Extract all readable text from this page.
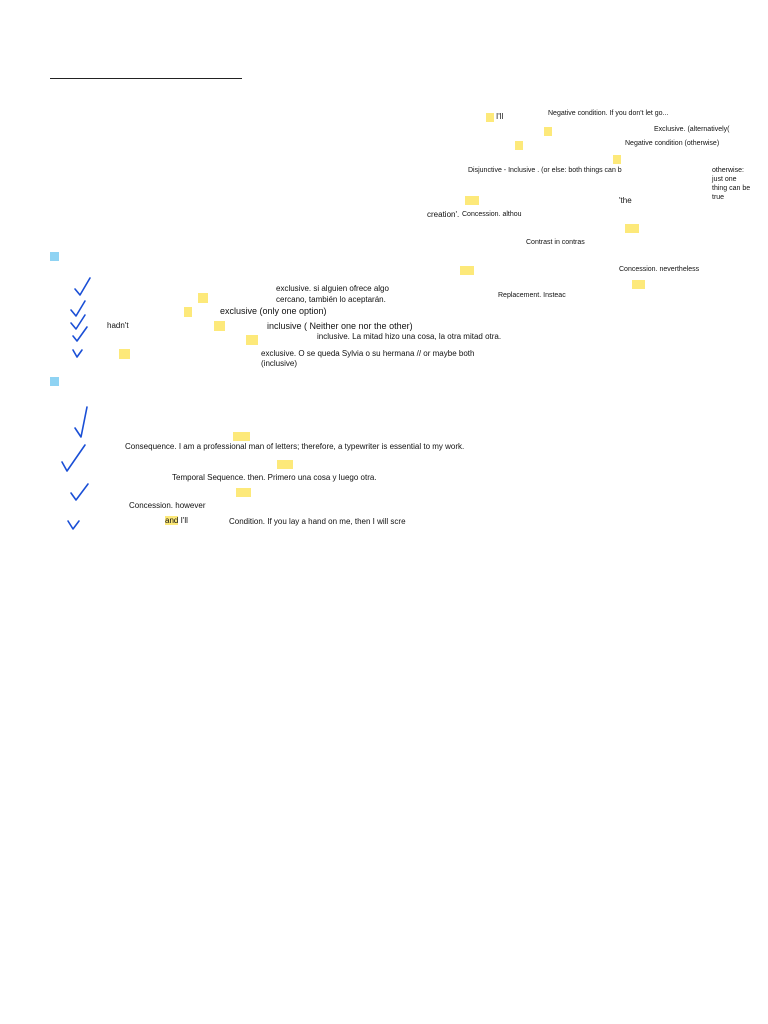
I'll	Negative condition. If you don't let go...
Exclusive. (alternatively(
Negative condition (otherwise)
Disjunctive - Inclusive . (or else: both things can b	otherwise:
just one
thing can be
true
'the
creation'. Concession. althou
Contrast in contras
Concession. nevertheless
exclusive. si alguien ofrece algo
cercano, también lo aceptarán.	Replacement. Insteac
exclusive (only one option)
hadn't	inclusive ( Neither one nor the other)
inclusive. La mitad hizo una cosa, la otra mitad otra.
exclusive. O se queda Sylvia o su hermana // or maybe both
(inclusive)
Consequence. I am a professional man of letters; therefore, a typewriter is essential to my work.
Temporal Sequence. then. Primero una cosa y luego otra.
Concession. however
and I'll	Condition. If you lay a hand on me, then I will scre
